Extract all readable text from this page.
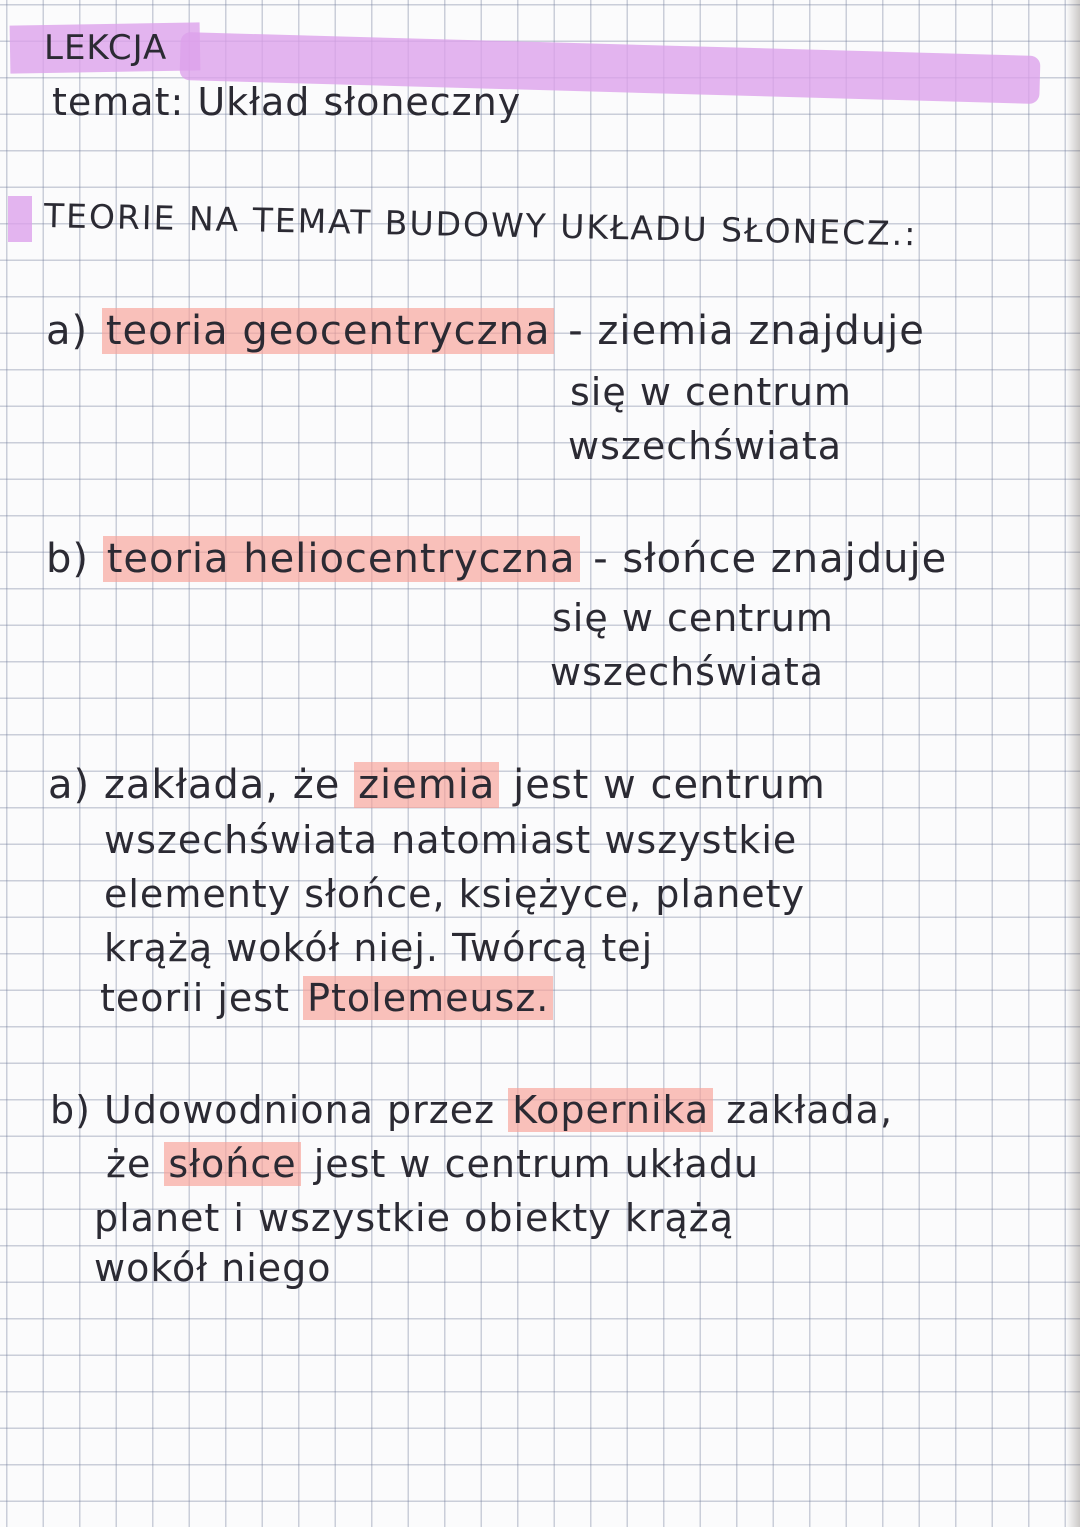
LEKCJA
temat: Układ słoneczny
TEORIE NA TEMAT BUDOWY UKŁADU SŁONECZ.:
a) teoria geocentryczna - ziemia znajduje
się w centrum
wszechświata
b) teoria heliocentryczna - słońce znajduje
się w centrum
wszechświata
a) zakłada, że ziemia jest w centrum
wszechświata natomiast wszystkie
elementy słońce, księżyce, planety
krążą wokół niej. Twórcą tej
teorii jest Ptolemeusz.
b) Udowodniona przez Kopernika zakłada,
że słońce jest w centrum układu
planet i wszystkie obiekty krążą
wokół niego
